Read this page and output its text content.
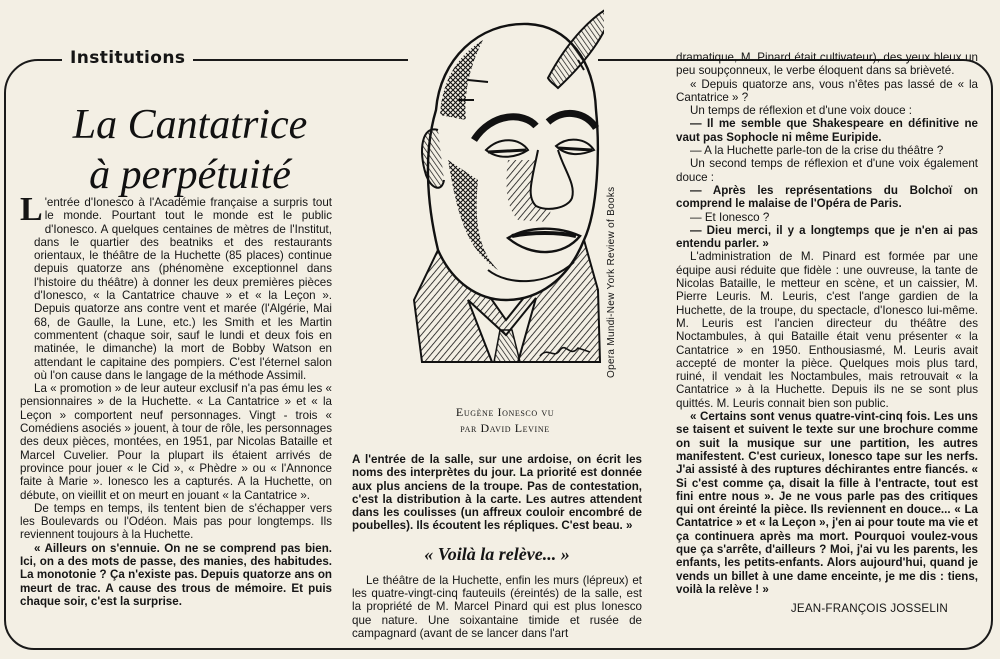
Institutions
La Cantatrice
à perpétuité

L 'entrée d'Ionesco à l'Académie française a surpris tout le monde. Pourtant tout le monde est le public d'Ionesco. A quelques centaines de mètres de l'Institut, dans le quartier des beatniks et des restaurants orientaux, le théâtre de la Huchette (85 places) continue depuis quatorze ans (phénomène exceptionnel dans l'histoire du théâtre) à donner les deux premières pièces d'Ionesco, « la Cantatrice chauve » et « la Leçon ». Depuis quatorze ans contre vent et marée (l'Algérie, Mai 68, de Gaulle, la Lune, etc.) les Smith et les Martin commentent (chaque soir, sauf le lundi et deux fois en matinée, le dimanche) la mort de Bobby Watson en attendant le capitaine des pompiers. C'est l'éternel salon où l'on cause dans le langage de la méthode Assimil.

La « promotion » de leur auteur exclusif n'a pas ému les « pensionnaires » de la Huchette. « La Cantatrice » et « la Leçon » comportent neuf personnages. Vingt - trois « Comédiens asociés » jouent, à tour de rôle, les personnages des deux pièces, montées, en 1951, par Nicolas Bataille et Marcel Cuvelier. Pour la plupart ils étaient arrivés de province pour jouer « le Cid », « Phèdre » ou « l'Annonce faite à Marie ». Ionesco les a capturés. A la Huchette, on débute, on vieillit et on meurt en jouant « la Cantatrice ».

De temps en temps, ils tentent bien de s'échapper vers les Boulevards ou l'Odéon. Mais pas pour longtemps. Ils reviennent toujours à la Huchette.

« Ailleurs on s'ennuie. On ne se comprend pas bien. Ici, on a des mots de passe, des manies, des habitudes. La monotonie ? Ça n'existe pas. Depuis quatorze ans on meurt de trac. A cause des trous de mémoire. Et puis chaque soir, c'est la surprise.

Opera Mundi-New York Review of Books
Eugène Ionesco vu
par David Levine

A l'entrée de la salle, sur une ardoise, on écrit les noms des interprètes du jour. La priorité est donnée aux plus anciens de la troupe. Pas de contestation, c'est la distribution à la carte. Les autres attendent dans les coulisses (un affreux couloir encombré de poubelles). Ils écoutent les répliques. C'est beau. »

« Voilà la relève... »

Le théâtre de la Huchette, enfin les murs (lépreux) et les quatre-vingt-cinq fauteuils (éreintés) de la salle, est la propriété de M. Marcel Pinard qui est plus Ionesco que nature. Une soixantaine timide et rusée de campagnard (avant de se lancer dans l'art

dramatique, M. Pinard était cultivateur), des yeux bleux un peu soupçonneux, le verbe éloquent dans sa brièveté.

« Depuis quatorze ans, vous n'êtes pas lassé de « la Cantatrice » ?

Un temps de réflexion et d'une voix douce :

— Il me semble que Shakespeare en définitive ne vaut pas Sophocle ni même Euripide.

— A la Huchette parle-ton de la crise du théâtre ?

Un second temps de réflexion et d'une voix également douce :

— Après les représentations du Bolchoï on comprend le malaise de l'Opéra de Paris.

— Et Ionesco ?

— Dieu merci, il y a longtemps que je n'en ai pas entendu parler. »

L'administration de M. Pinard est formée par une équipe ausi réduite que fidèle : une ouvreuse, la tante de Nicolas Bataille, le metteur en scène, et un caissier, M. Pierre Leuris. M. Leuris, c'est l'ange gardien de la Huchette, de la troupe, du spectacle, d'Ionesco lui-même. M. Leuris est l'ancien directeur du théâtre des Noctambules, à qui Bataille était venu présenter « la Cantatrice » en 1950. Enthousiasmé, M. Leuris avait accepté de monter la pièce. Quelques mois plus tard, ruiné, il vendait les Noctambules, mais retrouvait « la Cantatrice » à la Huchette. Depuis ils ne se sont plus quittés. M. Leuris connait bien son public.

« Certains sont venus quatre-vint-cinq fois. Les uns se taisent et suivent le texte sur une brochure comme on suit la musique sur une partition, les autres manifestent. C'est curieux, Ionesco tape sur les nerfs. J'ai assisté à des ruptures déchirantes entre fiancés. « Si c'est comme ça, disait la fille à l'entracte, tout est fini entre nous ». Je ne vous parle pas des critiques qui ont éreinté la pièce. Ils reviennent en douce... « La Cantatrice » et « la Leçon », j'en ai pour toute ma vie et ça continuera après ma mort. Pourquoi voulez-vous que ça s'arrête, d'ailleurs ? Moi, j'ai vu les parents, les enfants, les petits-enfants. Alors aujourd'hui, quand je vends un billet à une dame enceinte, je me dis : tiens, voilà la relève ! »

JEAN-FRANÇOIS JOSSELIN
